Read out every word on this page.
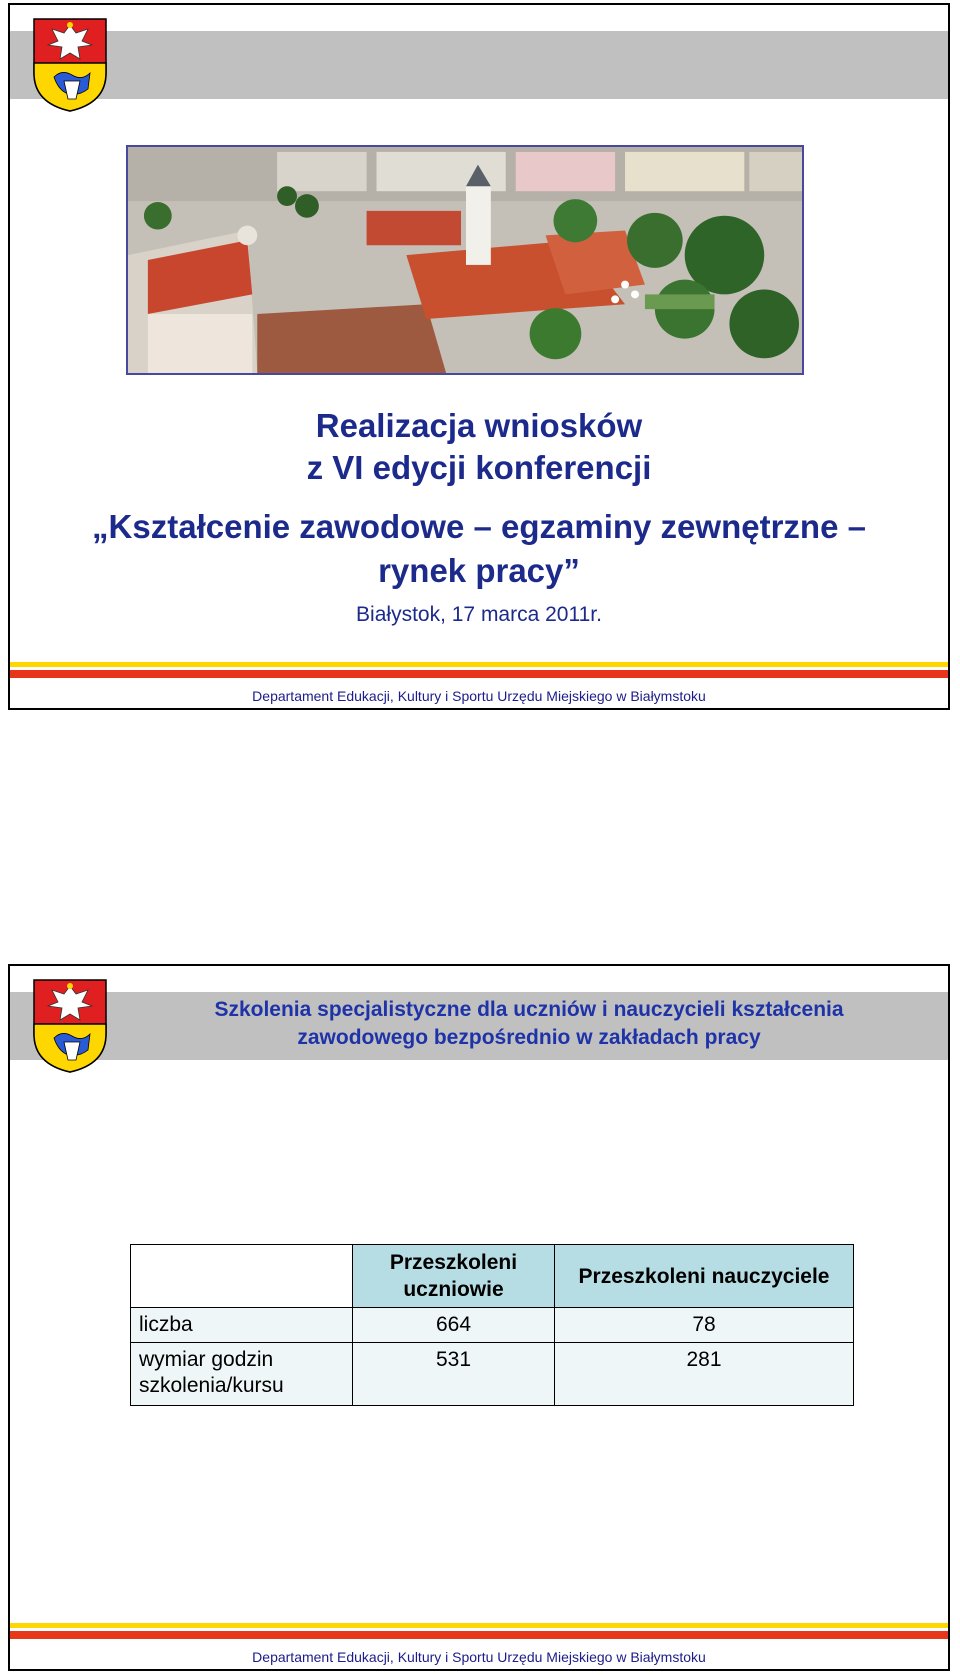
Realizacja wniosków
z VI edycji konferencji
„Kształcenie zawodowe – egzaminy zewnętrzne –
rynek pracy”
Białystok, 17 marca 2011r.
Departament Edukacji, Kultury i Sportu Urzędu Miejskiego w Białymstoku
Szkolenia specjalistyczne dla uczniów i nauczycieli kształcenia
zawodowego bezpośrednio w zakładach pracy
	Przeszkoleni uczniowie	Przeszkoleni nauczyciele
liczba	664	78
wymiar godzin szkolenia/kursu	531	281
Departament Edukacji, Kultury i Sportu Urzędu Miejskiego w Białymstoku
